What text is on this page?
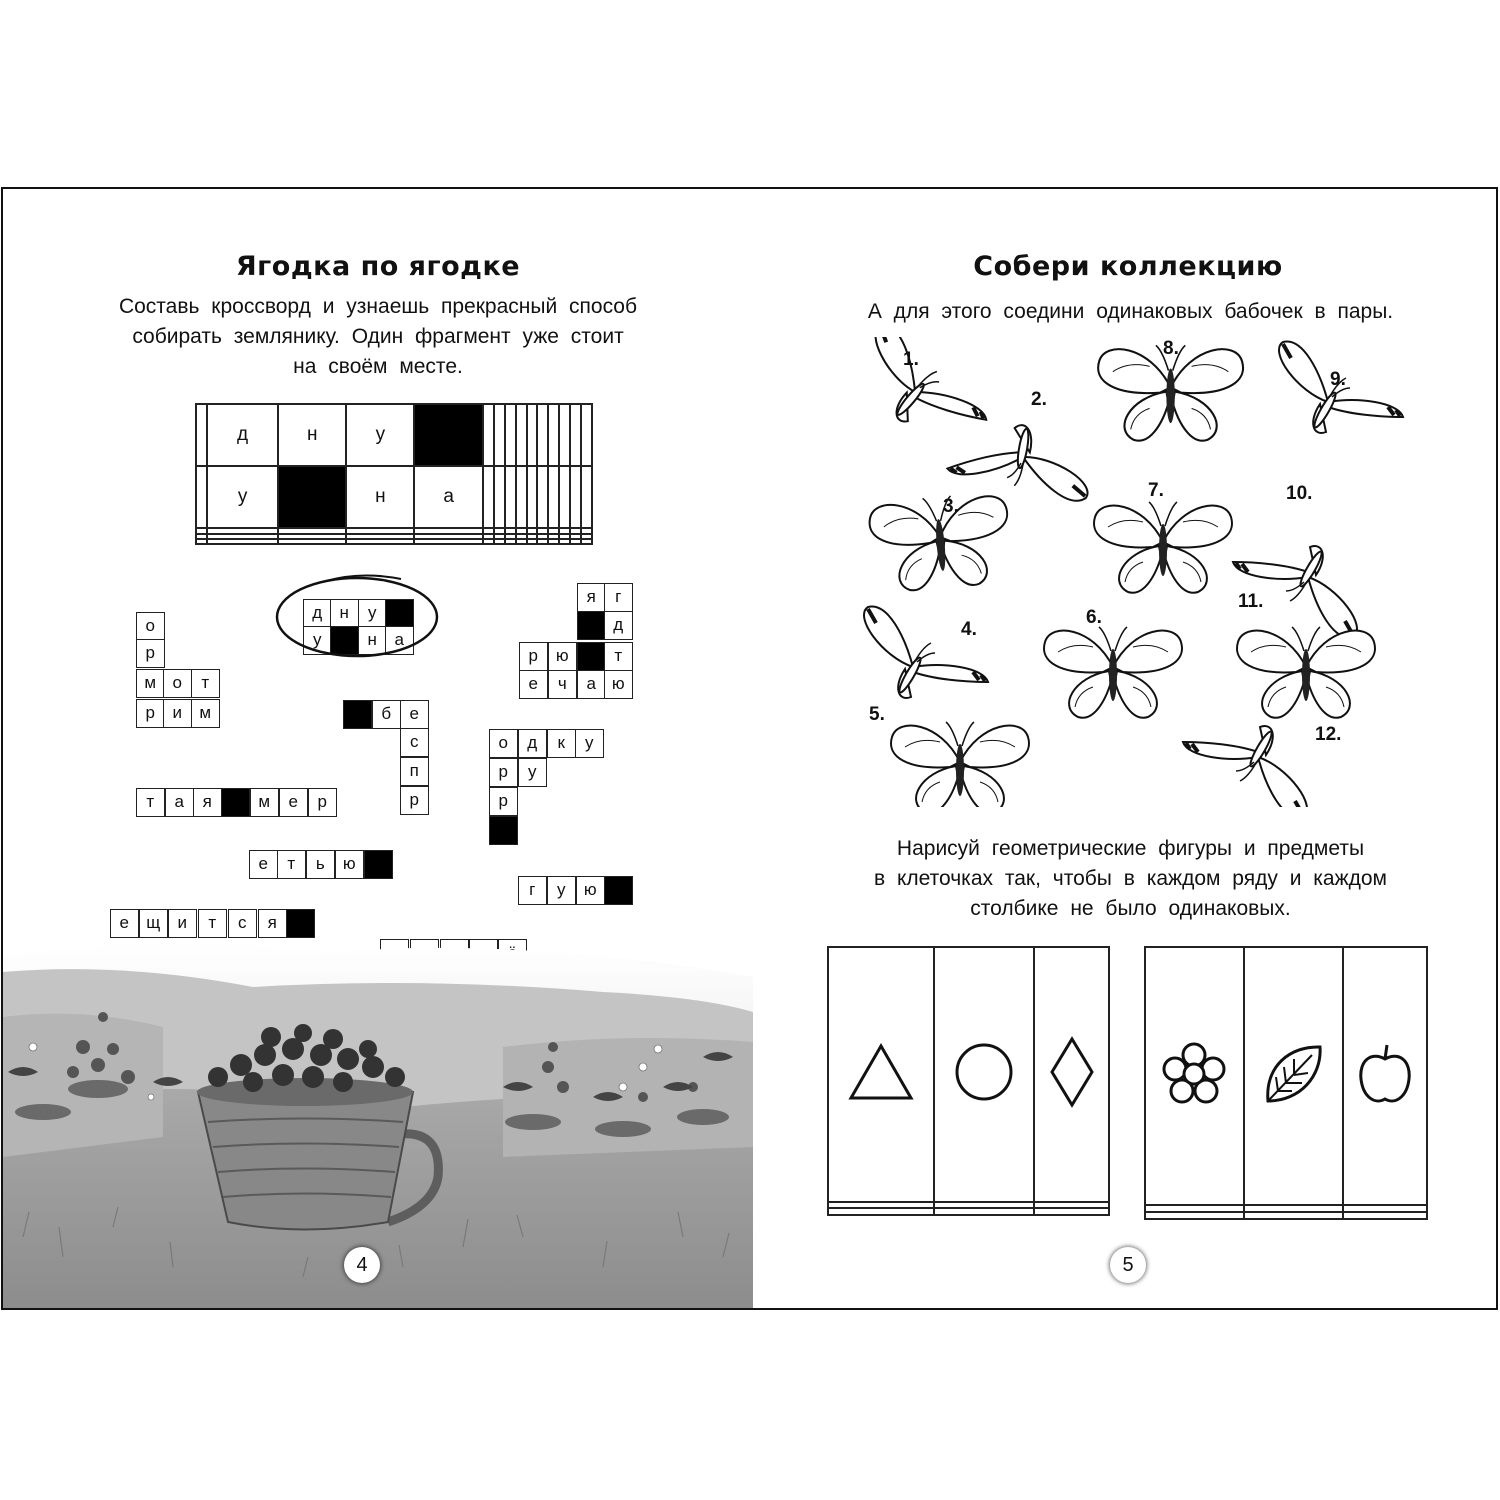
Ягодка по ягодке
Составь кроссворд и узнаешь прекрасный способ
собирать землянику. Один фрагмент уже стоит
на своём месте.
	д	н	у											
	у		н	а										

о
р
м о	т
р	и	м
д	н	у
у	н	а
я	г
д
р	ю	т
е	ч	а ю
б	е
с
п
р
о	д	к	у
р	у
р
т	а	я	м	е	р
е	т	ь	ю
г	у	ю
е	щ	и	т	с	я
4
Собери коллекцию
А для этого соедини одинаковых бабочек в пары.
1.
2.
3.
4.
5.
6.
7.
8.
9.
10.
11.
12.
Нарисуй геометрические фигуры и предметы
в клеточках так, чтобы в каждом ряду и каждом
столбике не было одинаковых.

5
